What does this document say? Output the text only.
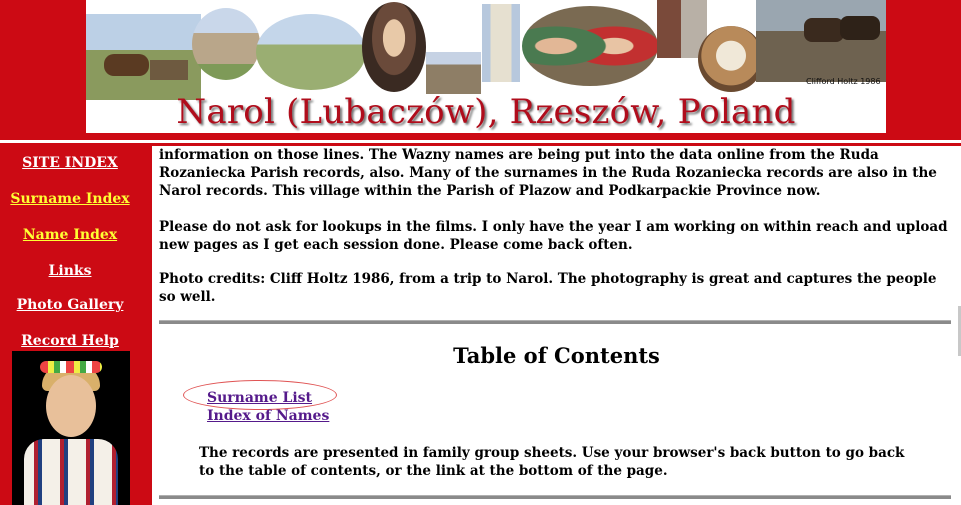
Clifford Holtz 1986
Narol (Lubaczów), Rzeszów, Poland
SITE INDEX
Surname Index
Name Index
Links
Photo Gallery
Record Help

information on those lines. The Wazny names are being put into the data online from the Ruda Rozaniecka Parish records, also. Many of the surnames in the Ruda Rozaniecka records are also in the Narol records. This village within the Parish of Plazow and Podkarpackie Province now.

Please do not ask for lookups in the films. I only have the year I am working on within reach and upload new pages as I get each session done. Please come back often.

Photo credits: Cliff Holtz 1986, from a trip to Narol. The photography is great and captures the people so well.

Table of Contents
Surname List
Index of Names

The records are presented in family group sheets. Use your browser's back button to go back to the table of contents, or the link at the bottom of the page.
